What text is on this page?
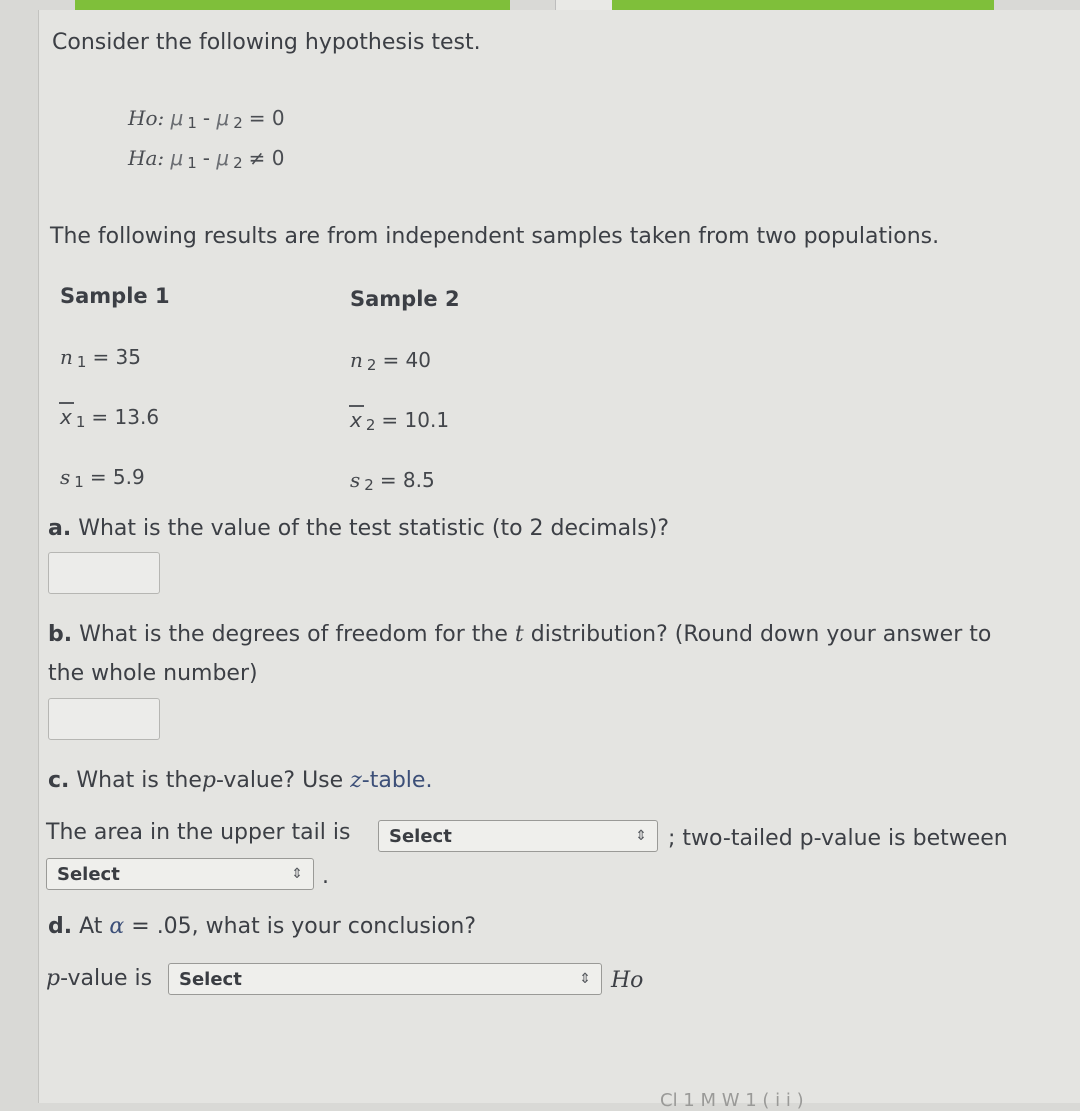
Consider the following hypothesis test.
Ho: μ 1 - μ 2 = 0
Ha: μ 1 - μ 2 ≠ 0
The following results are from independent samples taken from two populations.
Sample 1	Sample 2
n 1 = 35	n 2 = 40
x 1 = 13.6	x 2 = 10.1
s 1 = 5.9	s 2 = 8.5
a. What is the value of the test statistic (to 2 decimals)?
b. What is the degrees of freedom for the t distribution? (Round down your answer to
the whole number)
c. What is thep-value? Use z-table.
The area in the upper tail is Select	⇕ ; two-tailed p-value is between
Select	⇕ .
d. At α = .05, what is your conclusion?
p-value is Select	⇕ Ho
Cl 1 M W 1 ( i i )
